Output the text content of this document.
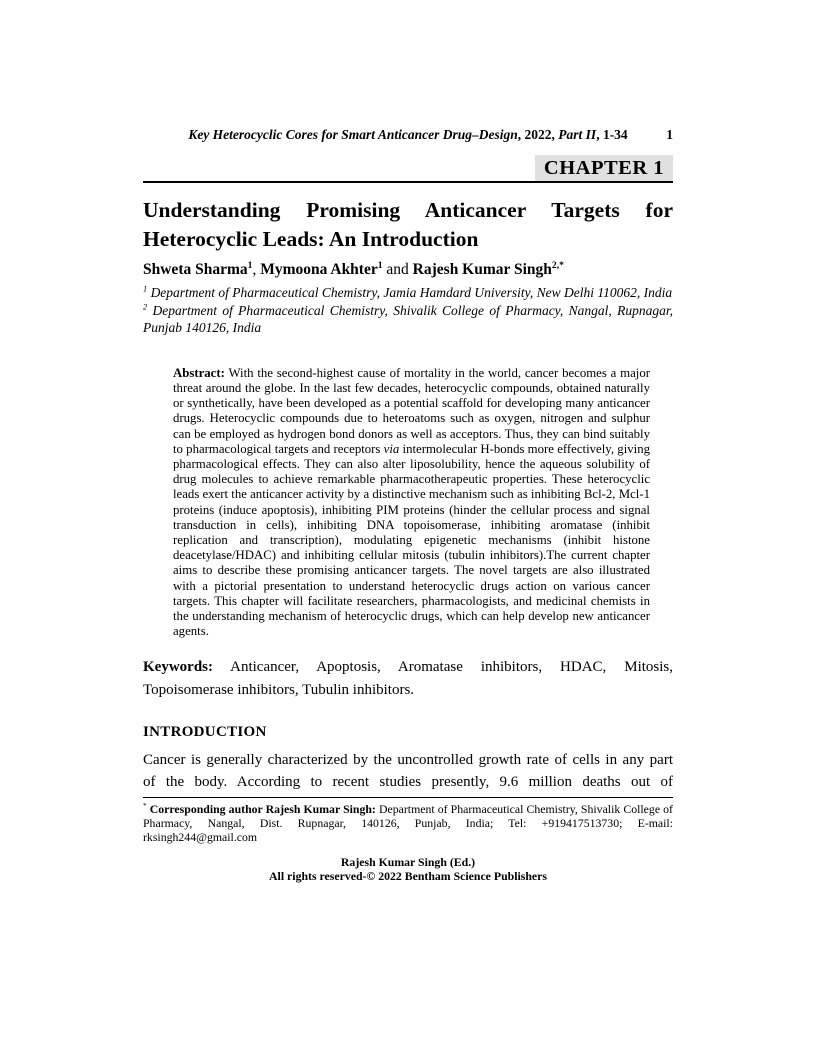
Key Heterocyclic Cores for Smart Anticancer Drug–Design, 2022, Part II, 1-34	1
CHAPTER 1
Understanding Promising Anticancer Targets for
Heterocyclic Leads: An Introduction
Shweta Sharma$^1$, Mymoona Akhter$^1$ and Rajesh Kumar Singh$^{2,*}$
$^1$ Department of Pharmaceutical Chemistry, Jamia Hamdard University, New Delhi 110062, India
$^2$ Department of Pharmaceutical Chemistry, Shivalik College of Pharmacy, Nangal, Rupnagar, Punjab 140126, India
Abstract: With the second-highest cause of mortality in the world, cancer becomes a major threat around the globe. In the last few decades, heterocyclic compounds, obtained naturally or synthetically, have been developed as a potential scaffold for developing many anticancer drugs. Heterocyclic compounds due to heteroatoms such as oxygen, nitrogen and sulphur can be employed as hydrogen bond donors as well as acceptors. Thus, they can bind suitably to pharmacological targets and receptors via intermolecular H-bonds more effectively, giving pharmacological effects. They can also alter liposolubility, hence the aqueous solubility of drug molecules to achieve remarkable pharmacotherapeutic properties. These heterocyclic leads exert the anticancer activity by a distinctive mechanism such as inhibiting Bcl-2, Mcl-1 proteins (induce apoptosis), inhibiting PIM proteins (hinder the cellular process and signal transduction in cells), inhibiting DNA topoisomerase, inhibiting aromatase (inhibit replication and transcription), modulating epigenetic mechanisms (inhibit histone deacetylase/HDAC) and inhibiting cellular mitosis (tubulin inhibitors).The current chapter aims to describe these promising anticancer targets. The novel targets are also illustrated with a pictorial presentation to understand heterocyclic drugs action on various cancer targets. This chapter will facilitate researchers, pharmacologists, and medicinal chemists in the understanding mechanism of heterocyclic drugs, which can help develop new anticancer agents.
Keywords: Anticancer, Apoptosis, Aromatase inhibitors, HDAC, Mitosis, Topoisomerase inhibitors, Tubulin inhibitors.
INTRODUCTION
Cancer is generally characterized by the uncontrolled growth rate of cells in any part of the body. According to recent studies presently, 9.6 million deaths out of
* Corresponding author Rajesh Kumar Singh: Department of Pharmaceutical Chemistry, Shivalik College of Pharmacy, Nangal, Dist. Rupnagar, 140126, Punjab, India; Tel: +919417513730; E-mail: rksingh244@gmail.com
Rajesh Kumar Singh (Ed.)
All rights reserved-© 2022 Bentham Science Publishers
